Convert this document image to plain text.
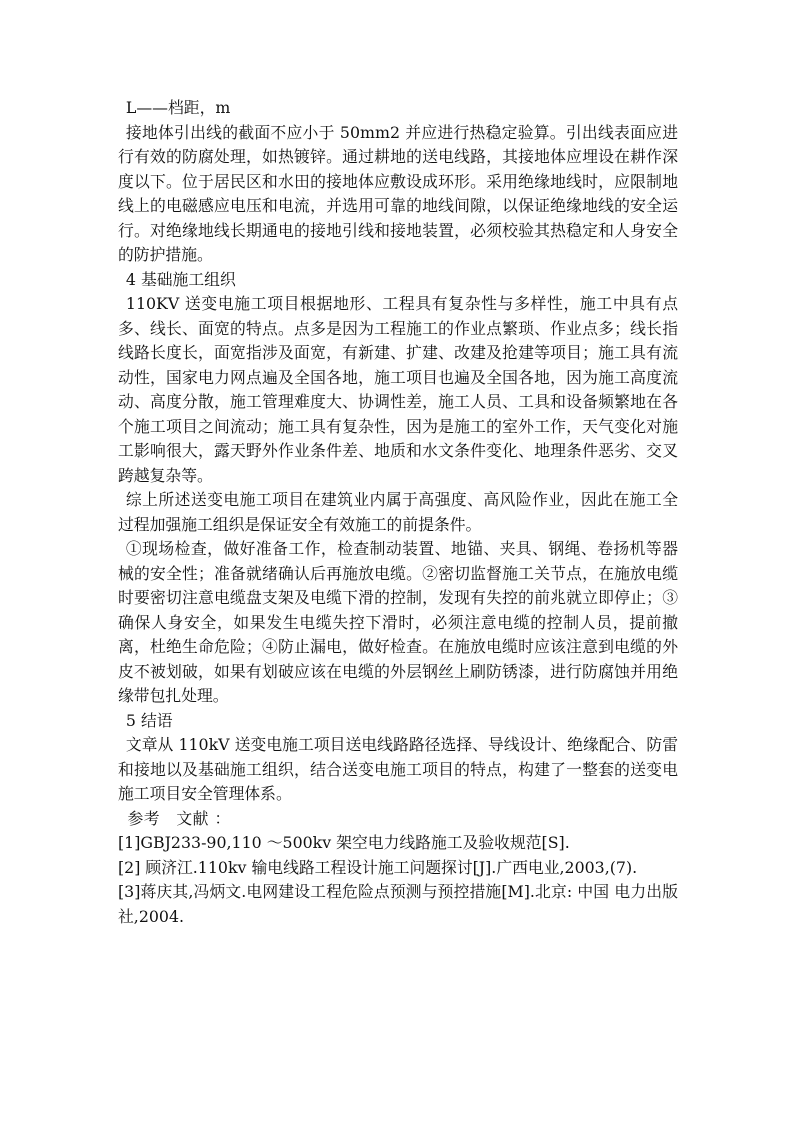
L——档距，m

接地体引出线的截面不应小于 50mm2 并应进行热稳定验算。引出线表面应进行有效的防腐处理，如热镀锌。通过耕地的送电线路，其接地体应埋设在耕作深度以下。位于居民区和水田的接地体应敷设成环形。采用绝缘地线时，应限制地线上的电磁感应电压和电流，并选用可靠的地线间隙，以保证绝缘地线的安全运行。对绝缘地线长期通电的接地引线和接地装置，必须校验其热稳定和人身安全的防护措施。

4 基础施工组织

110KV 送变电施工项目根据地形、工程具有复杂性与多样性，施工中具有点多、线长、面宽的特点。点多是因为工程施工的作业点繁琐、作业点多；线长指线路长度长，面宽指涉及面宽，有新建、扩建、改建及抢建等项目；施工具有流动性，国家电力网点遍及全国各地，施工项目也遍及全国各地，因为施工高度流动、高度分散，施工管理难度大、协调性差，施工人员、工具和设备频繁地在各个施工项目之间流动；施工具有复杂性，因为是施工的室外工作，天气变化对施工影响很大，露天野外作业条件差、地质和水文条件变化、地理条件恶劣、交叉跨越复杂等。

综上所述送变电施工项目在建筑业内属于高强度、高风险作业，因此在施工全过程加强施工组织是保证安全有效施工的前提条件。

①现场检查，做好准备工作，检查制动装置、地锚、夹具、钢绳、卷扬机等器械的安全性；准备就绪确认后再施放电缆。②密切监督施工关节点，在施放电缆时要密切注意电缆盘支架及电缆下滑的控制，发现有失控的前兆就立即停止；③确保人身安全，如果发生电缆失控下滑时，必须注意电缆的控制人员，提前撤离，杜绝生命危险；④防止漏电，做好检查。在施放电缆时应该注意到电缆的外皮不被划破，如果有划破应该在电缆的外层钢丝上刷防锈漆，进行防腐蚀并用绝缘带包扎处理。

5 结语

文章从 110kV 送变电施工项目送电线路路径选择、导线设计、绝缘配合、防雷和接地以及基础施工组织，结合送变电施工项目的特点，构建了一整套的送变电施工项目安全管理体系。

参考　文献 ：

[1]GBJ233-90,110 ～500kv 架空电力线路施工及验收规范[S].

[2] 顾济江.110kv 输电线路工程设计施工问题探讨[J].广西电业,2003,(7).

[3]蒋庆其,冯炳文.电网建设工程危险点预测与预控措施[M].北京: 中国 电力出版社,2004.
